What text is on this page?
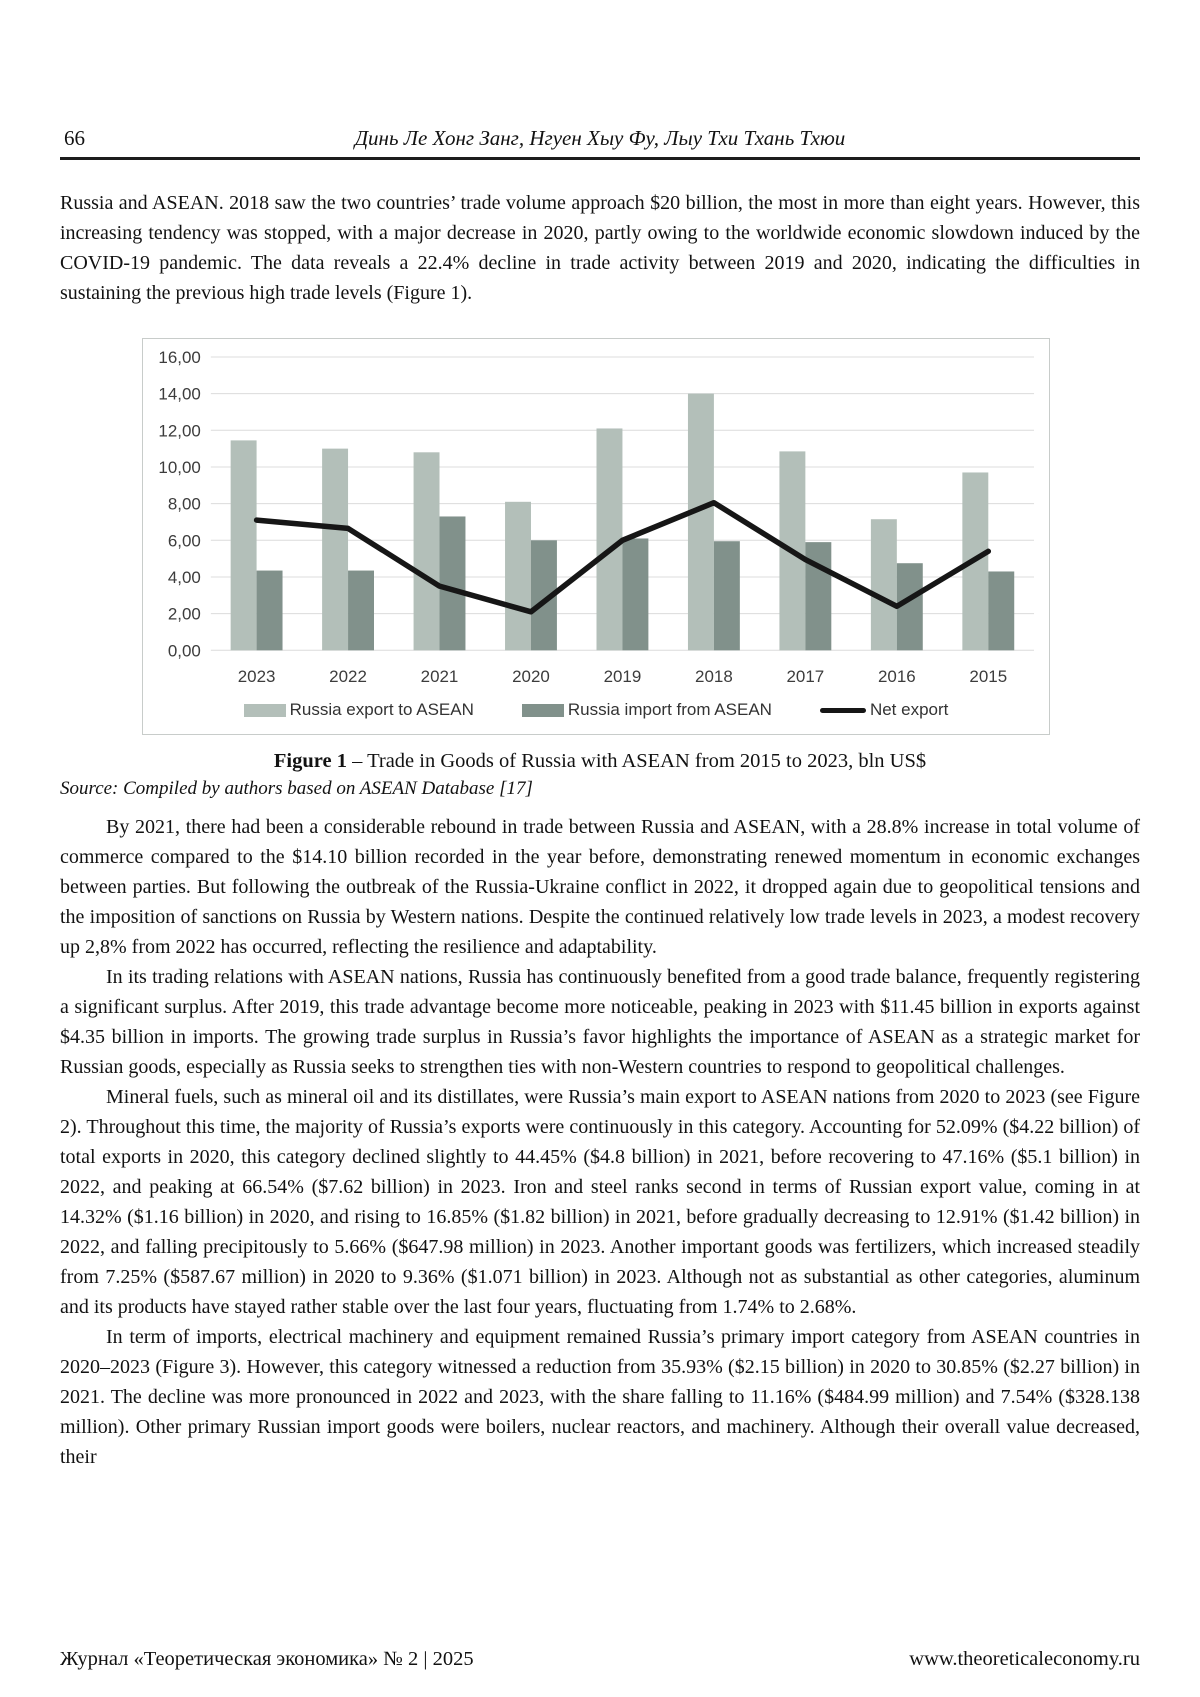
66	Динь Ле Хонг Занг, Нгуен Хыу Фу, Лыу Тхи Тхань Тхюи

Russia and ASEAN. 2018 saw the two countries’ trade volume approach $20 billion, the most in more than eight years. However, this increasing tendency was stopped, with a major decrease in 2020, partly owing to the worldwide economic slowdown induced by the COVID-19 pandemic. The data reveals a 22.4% decline in trade activity between 2019 and 2020, indicating the difficulties in sustaining the previous high trade levels (Figure 1).

0,00
2,00
4,00
6,00
8,00
10,00
12,00
14,00
16,00
2023	2022	2021	2020	2019	2018	2017	2016	2015
Russia export to ASEAN	Russia import from ASEAN	Net export
Figure 1 – Trade in Goods of Russia with ASEAN from 2015 to 2023, bln US$
Source: Compiled by authors based on ASEAN Database [17]

By 2021, there had been a considerable rebound in trade between Russia and ASEAN, with a 28.8% increase in total volume of commerce compared to the $14.10 billion recorded in the year before, demonstrating renewed momentum in economic exchanges between parties. But following the outbreak of the Russia-Ukraine conflict in 2022, it dropped again due to geopolitical tensions and the imposition of sanctions on Russia by Western nations. Despite the continued relatively low trade levels in 2023, a modest recovery up 2,8% from 2022 has occurred, reflecting the resilience and adaptability.

In its trading relations with ASEAN nations, Russia has continuously benefited from a good trade balance, frequently registering a significant surplus. After 2019, this trade advantage become more noticeable, peaking in 2023 with $11.45 billion in exports against $4.35 billion in imports. The growing trade surplus in Russia’s favor highlights the importance of ASEAN as a strategic market for Russian goods, especially as Russia seeks to strengthen ties with non-Western countries to respond to geopolitical challenges.

Mineral fuels, such as mineral oil and its distillates, were Russia’s main export to ASEAN nations from 2020 to 2023 (see Figure 2). Throughout this time, the majority of Russia’s exports were continuously in this category. Accounting for 52.09% ($4.22 billion) of total exports in 2020, this category declined slightly to 44.45% ($4.8 billion) in 2021, before recovering to 47.16% ($5.1 billion) in 2022, and peaking at 66.54% ($7.62 billion) in 2023. Iron and steel ranks second in terms of Russian export value, coming in at 14.32% ($1.16 billion) in 2020, and rising to 16.85% ($1.82 billion) in 2021, before gradually decreasing to 12.91% ($1.42 billion) in 2022, and falling precipitously to 5.66% ($647.98 million) in 2023. Another important goods was fertilizers, which increased steadily from 7.25% ($587.67 million) in 2020 to 9.36% ($1.071 billion) in 2023. Although not as substantial as other categories, aluminum and its products have stayed rather stable over the last four years, fluctuating from 1.74% to 2.68%.

In term of imports, electrical machinery and equipment remained Russia’s primary import category from ASEAN countries in 2020–2023 (Figure 3). However, this category witnessed a reduction from 35.93% ($2.15 billion) in 2020 to 30.85% ($2.27 billion) in 2021. The decline was more pronounced in 2022 and 2023, with the share falling to 11.16% ($484.99 million) and 7.54% ($328.138 million). Other primary Russian import goods were boilers, nuclear reactors, and machinery. Although their overall value decreased, their

Журнал «Теоретическая экономика» № 2 | 2025	www.theoreticaleconomy.ru
